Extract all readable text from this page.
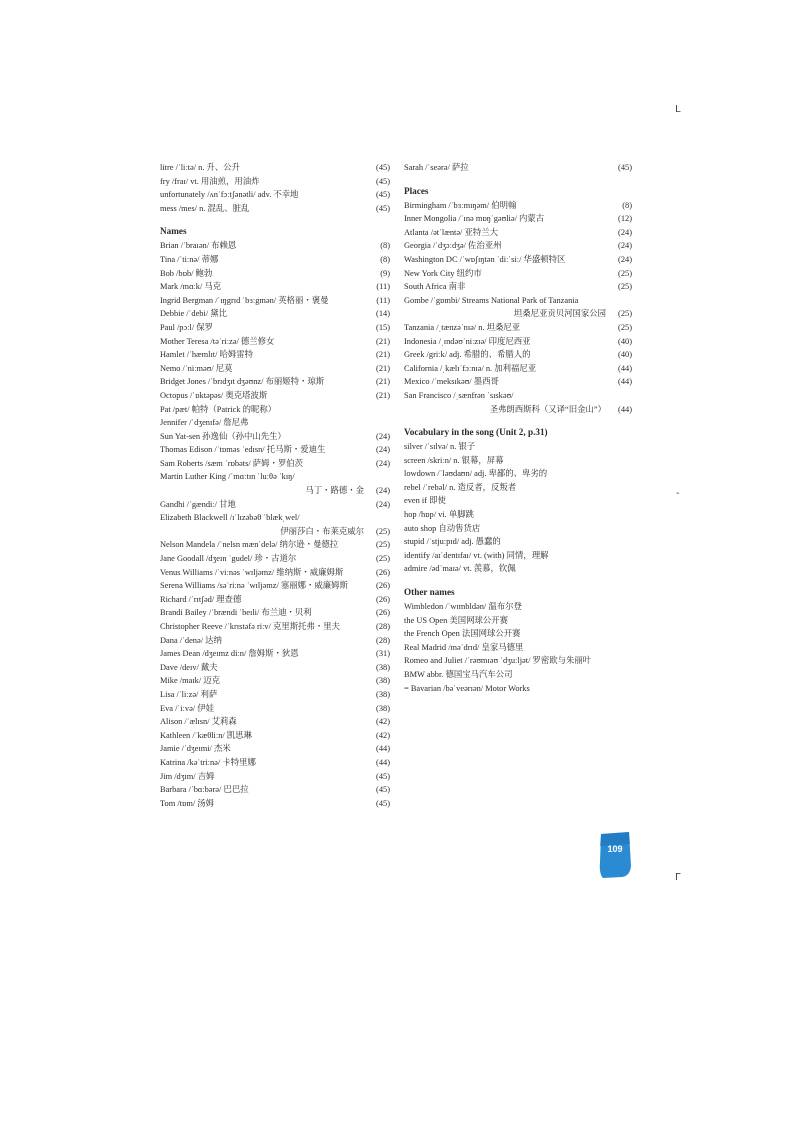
litre /ˈliːtə/ n. 升、公升	(45)
fry /fraɪ/ vt. 用油煎，用油炸	(45)
unfortunately /ʌnˈfɔːtʃənətli/ adv. 不幸地	(45)
mess /mes/ n. 混乱、脏乱	(45)
Names
Brian /ˈbraɪən/ 布赖恩	(8)
Tina /ˈtiːnə/ 蒂娜	(8)
Bob /bɒb/ 鲍勃	(9)
Mark /mɑːk/ 马克	(11)
Ingrid Bergman /ˈɪŋgrɪd ˈbɜːgmən/ 英格丽・褒曼	(11)
Debbie /ˈdebi/ 黛比	(14)
Paul /pɔːl/ 保罗	(15)
Mother Teresa /təˈriːzə/ 德兰修女	(21)
Hamlet /ˈhæmlɪt/ 哈姆雷特	(21)
Nemo /ˈniːməʊ/ 尼莫	(21)
Bridget Jones /ˈbrɪdʒɪt dʒəʊnz/ 布丽姬特・琼斯	(21)
Octopus /ˈɒktəpəs/ 奥克塔波斯	(21)
Pat /pæt/ 帕特（Patrick 的昵称）
Jennifer /ˈdʒenɪfə/ 詹尼弗
Sun Yat-sen 孙逸仙（孙中山先生）	(24)
Thomas Edison /ˈtɒməs ˈedɪsn/ 托马斯・爱迪生	(24)
Sam Roberts /sæm ˈrɒbəts/ 萨姆・罗伯茨	(24)
Martin Luther King /ˈmɑːtɪn ˈluːθə ˈkɪŋ/
马丁・路德・金 (24)
Gandhi /ˈgændiː/ 甘地	(24)
Elizabeth Blackwell /ɪˈlɪzəbəθ ˈblækˌwel/
伊丽莎白・布莱克威尔 (25)
Nelson Mandela /ˈnelsn mænˈdelə/ 纳尔逊・曼德拉	(25)
Jane Goodall /dʒeɪn ˈgudel/ 珍・古道尔	(25)
Venus Williams /ˈviːnəs ˈwɪljəmz/ 维纳斯・威廉姆斯	(26)
Serena Williams /səˈriːnə ˈwɪljəmz/ 塞丽娜・威廉姆斯	(26)
Richard /ˈrɪtʃəd/ 理查德	(26)
Brandi Bailey /ˈbrændi ˈbeɪli/ 布兰迪・贝利	(26)
Christopher Reeve /ˈkrɪstəfə riːv/ 克里斯托弗・里夫	(28)
Dana /ˈdenə/ 达纳	(28)
James Dean /dʒeɪmz diːn/ 詹姆斯・狄恩	(31)
Dave /deɪv/ 戴夫	(38)
Mike /maɪk/ 迈克	(38)
Lisa /ˈliːzə/ 利萨	(38)
Eva /ˈiːvə/ 伊娃	(38)
Alison /ˈælɪsn/ 艾莉森	(42)
Kathleen /ˈkæθliːn/ 凯思琳	(42)
Jamie /ˈdʒeɪmi/ 杰米	(44)
Katrina /kəˈtriːnə/ 卡特里娜	(44)
Jim /dʒɪm/ 吉姆	(45)
Barbara /ˈbɑːbərə/ 巴巴拉	(45)
Tom /tɒm/ 汤姆	(45)
Sarah /ˈseərə/ 萨拉	(45)
Places
Birmingham /ˈbɜːmɪŋəm/ 伯明翰	(8)
Inner Mongolia /ˈɪnə mɒŋˈgəʊliə/ 内蒙古	(12)
Atlanta /ətˈlæntə/ 亚特兰大	(24)
Georgia /ˈdʒɔːdʒə/ 佐治亚州	(24)
Washington DC /ˈwɒʃɪŋtən ˈdiːˈsiː/ 华盛顿特区	(24)
New York City 纽约市	(25)
South Africa 南非	(25)
Gombe /ˈgɒmbi/ Streams National Park of Tanzania
坦桑尼亚贡贝河国家公园 (25)
Tanzania /ˌtænzəˈnɪə/ n. 坦桑尼亚	(25)
Indonesia /ˌɪndəʊˈniːzɪə/ 印度尼西亚	(40)
Greek /griːk/ adj. 希腊的、希腊人的	(40)
California /ˌkælɪˈfɔːnɪə/ n. 加利福尼亚	(44)
Mexico /ˈmeksɪkəʊ/ 墨西哥	(44)
San Francisco /ˌsænfrən ˈsɪskəʊ/
圣弗朗西斯科（又译“旧金山”） (44)
Vocabulary in the song (Unit 2, p.31)
silver /ˈsɪlvə/ n. 银子
screen /skriːn/ n. 银幕，屏幕
lowdown /ˈləʊdaʊn/ adj. 卑鄙的、卑劣的
rebel /ˈrebəl/ n. 造反者，反叛者
even if 即使
hop /hɒp/ vi. 单脚跳
auto shop 自动售货店
stupid /ˈstjuːpɪd/ adj. 愚蠢的
identify /aɪˈdentɪfaɪ/ vt. (with) 同情，理解
admire /ədˈmaɪə/ vt. 羡慕，钦佩
Other names
Wimbledon /ˈwɪmbldən/ 温布尔登
the US Open 美国网球公开赛
the French Open 法国网球公开赛
Real Madrid /məˈdrɪd/ 皇家马德里
Romeo and Juliet /ˈrəʊmɪəʊ ˈdʒuːljət/ 罗密欧与朱丽叶
BMW abbr. 德国宝马汽车公司
= Bavarian /bəˈveərɪən/ Motor Works
L
Γ
-
109
